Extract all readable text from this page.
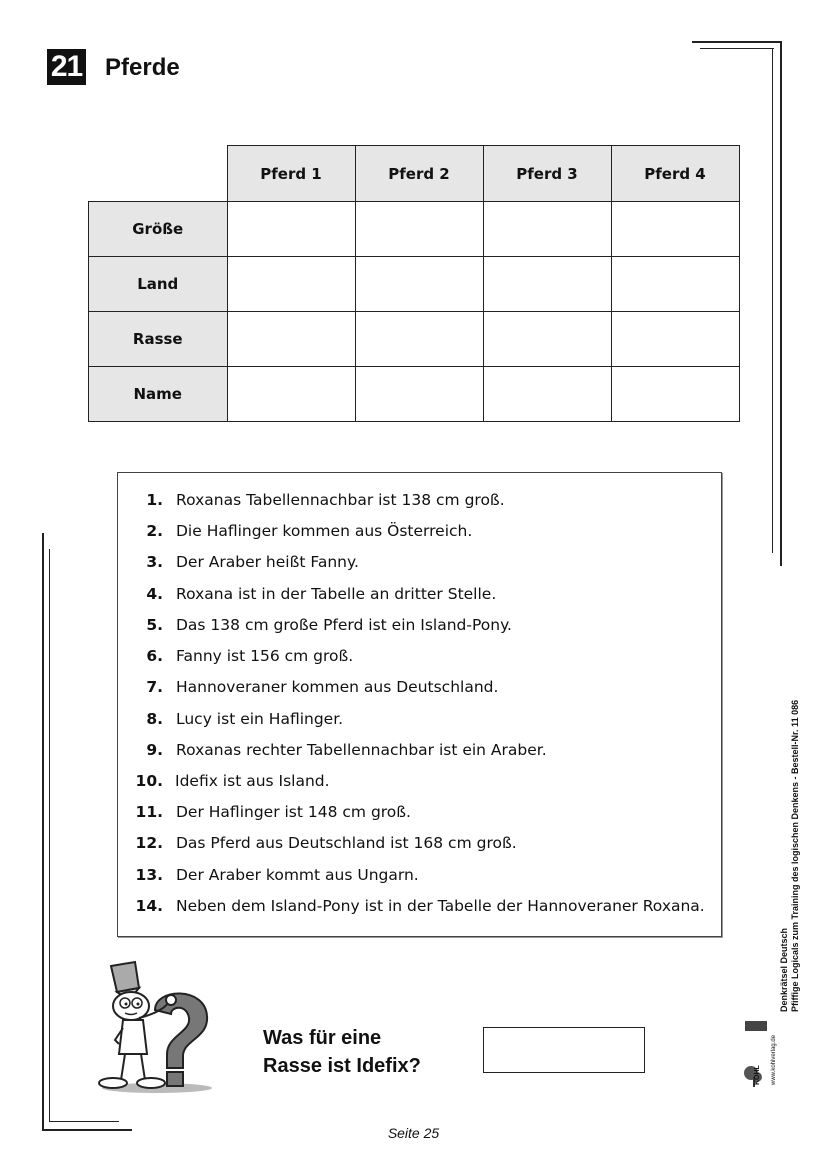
21 Pferde
	Pferd 1	Pferd 2	Pferd 3	Pferd 4
Größe				
Land				
Rasse				
Name				
1. Roxanas Tabellennachbar ist 138 cm groß.
2. Die Haflinger kommen aus Österreich.
3. Der Araber heißt Fanny.
4. Roxana ist in der Tabelle an dritter Stelle.
5. Das 138 cm große Pferd ist ein Island-Pony.
6. Fanny ist 156 cm groß.
7. Hannoveraner kommen aus Deutschland.
8. Lucy ist ein Haflinger.
9. Roxanas rechter Tabellennachbar ist ein Araber.
10. Idefix ist aus Island.
11. Der Haflinger ist 148 cm groß.
12. Das Pferd aus Deutschland ist 168 cm groß.
13. Der Araber kommt aus Ungarn.
14. Neben dem Island-Pony ist in der Tabelle der Hannoveraner Roxana.
Was für eine
Rasse ist Idefix?
Seite 25
Denkrätsel Deutsch Pfiffige Logicals zum Training des logischen Denkens - Bestell-Nr. 11 086
KOHL www.kohlverlag.de
